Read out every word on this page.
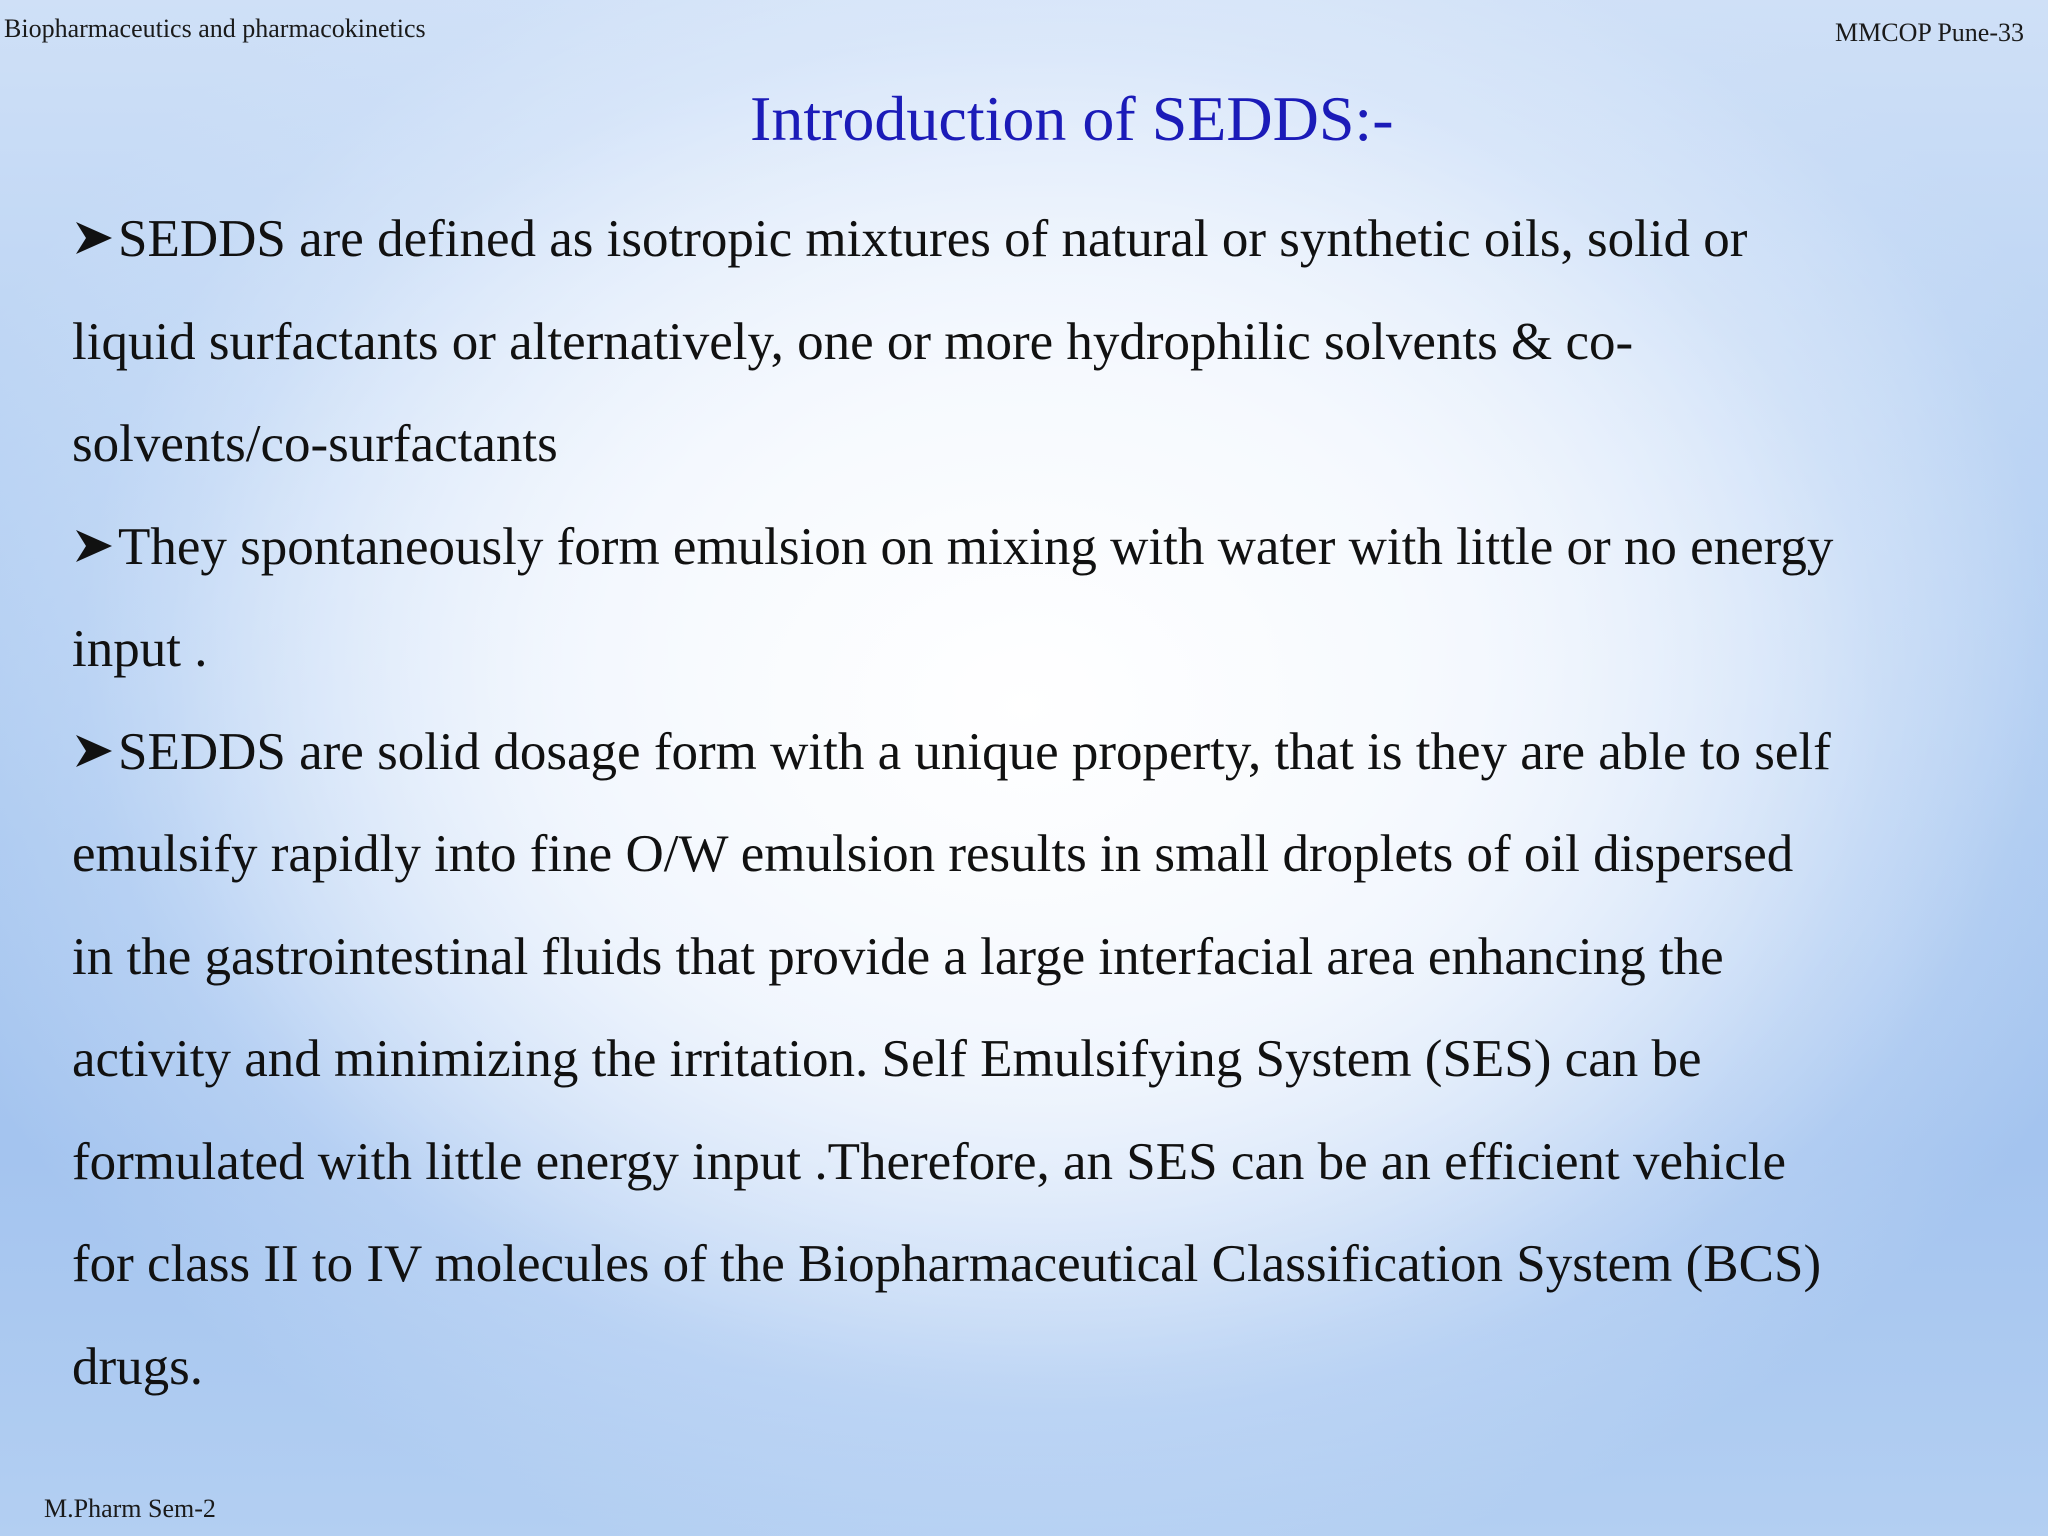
Biopharmaceutics and pharmacokinetics	MMCOP Pune-33
Introduction of SEDDS:-
SEDDS are defined as isotropic mixtures of natural or synthetic oils, solid or
liquid surfactants or alternatively, one or more hydrophilic solvents & co-
solvents/co-surfactants
They spontaneously form emulsion on mixing with water with little or no energy
input .
SEDDS are solid dosage form with a unique property, that is they are able to self
emulsify rapidly into fine O/W emulsion results in small droplets of oil dispersed
in the gastrointestinal fluids that provide a large interfacial area enhancing the
activity and minimizing the irritation. Self Emulsifying System (SES) can be
formulated with little energy input .Therefore, an SES can be an efficient vehicle
for class II to IV molecules of the Biopharmaceutical Classification System (BCS)
drugs.
M.Pharm Sem-2
